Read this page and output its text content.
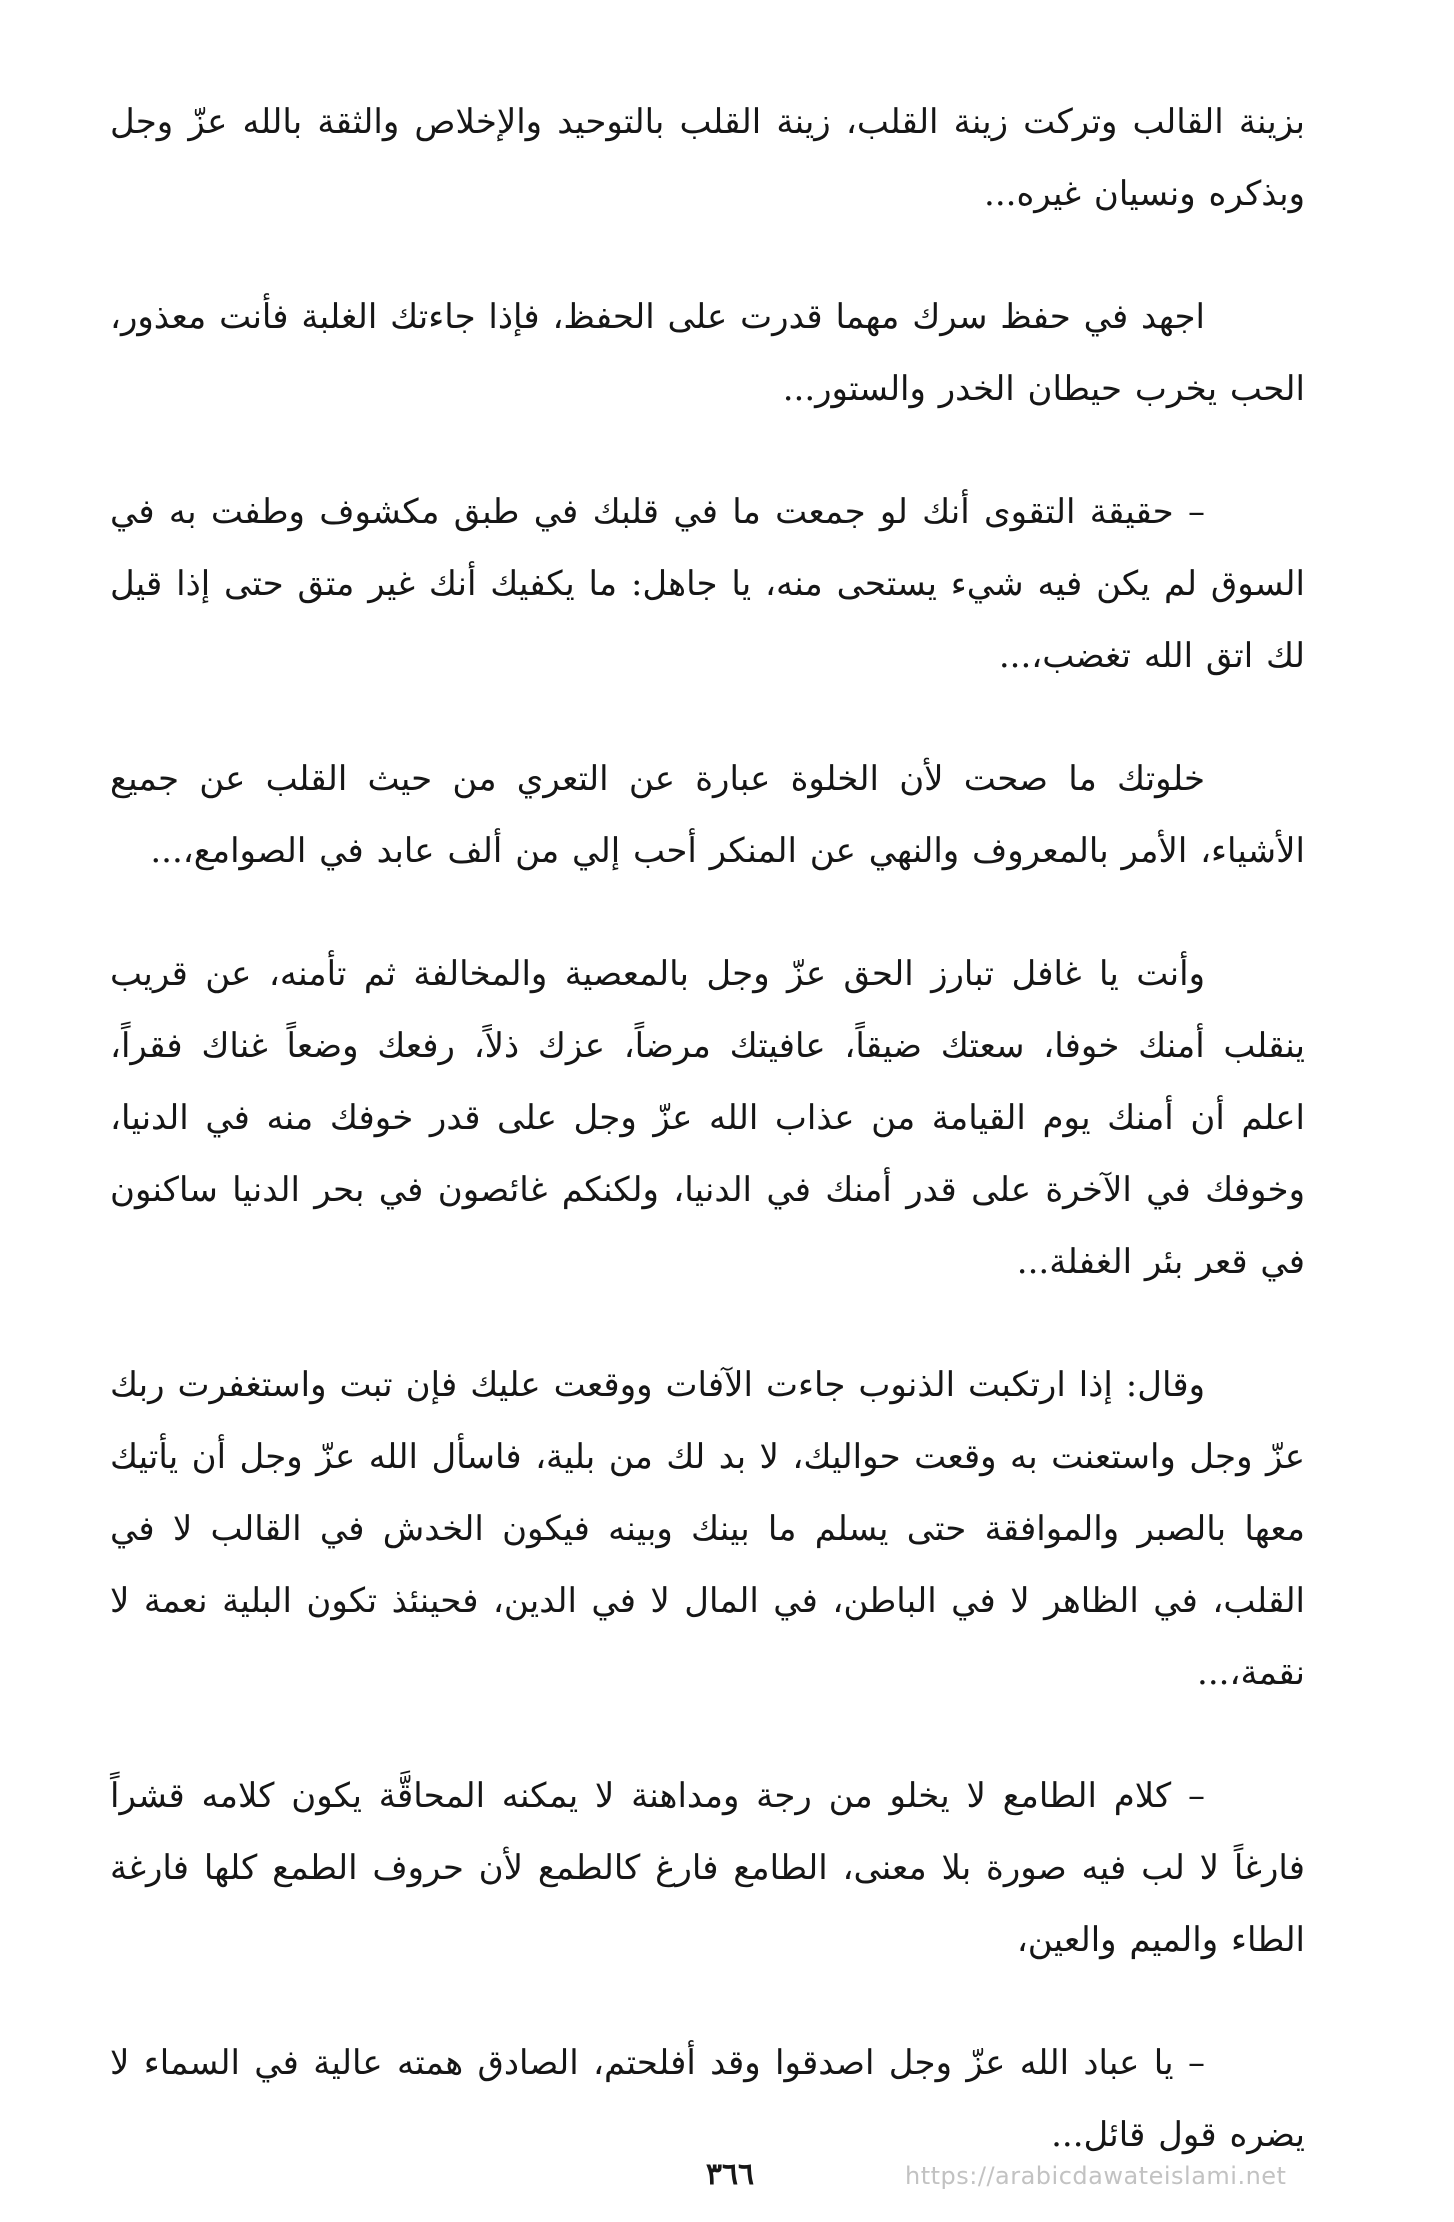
بزينة القالب وتركت زينة القلب، زينة القلب بالتوحيد والإخلاص والثقة بالله عزّ وجل وبذكره ونسيان غيره...

اجهد في حفظ سرك مهما قدرت على الحفظ، فإذا جاءتك الغلبة فأنت معذور، الحب يخرب حيطان الخدر والستور...

– حقيقة التقوى أنك لو جمعت ما في قلبك في طبق مكشوف وطفت به في السوق لم يكن فيه شيء يستحى منه، يا جاهل: ما يكفيك أنك غير متق حتى إذا قيل لك اتق الله تغضب،...

خلوتك ما صحت لأن الخلوة عبارة عن التعري من حيث القلب عن جميع الأشياء، الأمر بالمعروف والنهي عن المنكر أحب إلي من ألف عابد في الصوامع،...

وأنت يا غافل تبارز الحق عزّ وجل بالمعصية والمخالفة ثم تأمنه، عن قريب ينقلب أمنك خوفا، سعتك ضيقاً، عافيتك مرضاً، عزك ذلاً، رفعك وضعاً غناك فقراً، اعلم أن أمنك يوم القيامة من عذاب الله عزّ وجل على قدر خوفك منه في الدنيا، وخوفك في الآخرة على قدر أمنك في الدنيا، ولكنكم غائصون في بحر الدنيا ساكنون في قعر بئر الغفلة...

وقال: إذا ارتكبت الذنوب جاءت الآفات ووقعت عليك فإن تبت واستغفرت ربك عزّ وجل واستعنت به وقعت حواليك، لا بد لك من بلية، فاسأل الله عزّ وجل أن يأتيك معها بالصبر والموافقة حتى يسلم ما بينك وبينه فيكون الخدش في القالب لا في القلب، في الظاهر لا في الباطن، في المال لا في الدين، فحينئذ تكون البلية نعمة لا نقمة،...

– كلام الطامع لا يخلو من رجة ومداهنة لا يمكنه المحاقَّة يكون كلامه قشراً فارغاً لا لب فيه صورة بلا معنى، الطامع فارغ كالطمع لأن حروف الطمع كلها فارغة الطاء والميم والعين،

– يا عباد الله عزّ وجل اصدقوا وقد أفلحتم، الصادق همته عالية في السماء لا يضره قول قائل...

٣٦٦	https://arabicdawateislami.net
